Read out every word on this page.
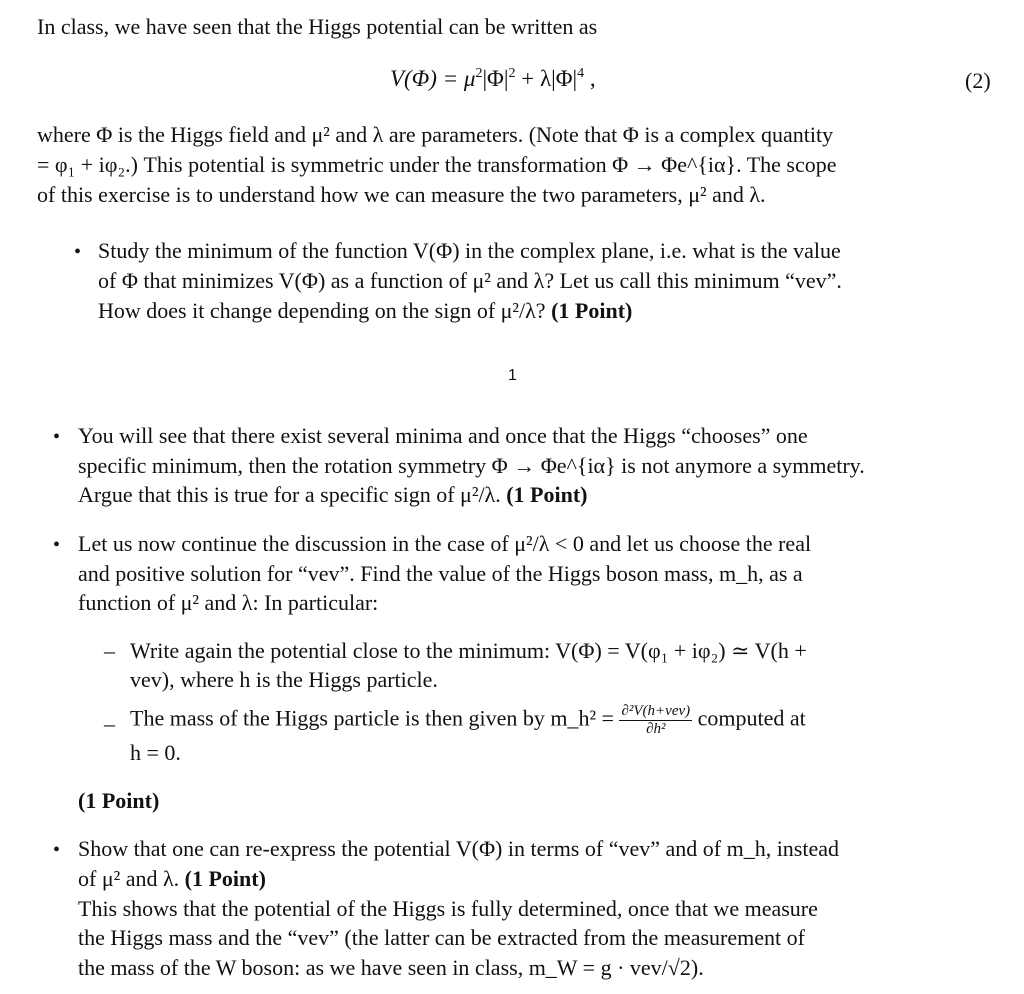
In class, we have seen that the Higgs potential can be written as
$V(\Phi) = \mu^2|\Phi|^2 + \lambda|\Phi|^4$ ,	(2)
where Φ is the Higgs field and μ² and λ are parameters. (Note that Φ is a complex quantity
= φ₁ + iφ₂.) This potential is symmetric under the transformation Φ → Φe^{iα}. The scope
of this exercise is to understand how we can measure the two parameters, μ² and λ.
• Study the minimum of the function V(Φ) in the complex plane, i.e. what is the value
of Φ that minimizes V(Φ) as a function of μ² and λ? Let us call this minimum “vev”.
How does it change depending on the sign of μ²/λ? (1 Point)
1
• You will see that there exist several minima and once that the Higgs “chooses” one
specific minimum, then the rotation symmetry Φ → Φe^{iα} is not anymore a symmetry.
Argue that this is true for a specific sign of μ²/λ. (1 Point)
• Let us now continue the discussion in the case of μ²/λ < 0 and let us choose the real
and positive solution for “vev”. Find the value of the Higgs boson mass, m_h, as a
function of μ² and λ: In particular:
– Write again the potential close to the minimum: V(Φ) = V(φ₁ + iφ₂) ≃ V(h +
vev), where h is the Higgs particle.
– The mass of the Higgs particle is then given by m_h² = $\frac{\text{∂²V(h+vev)}}{\text{∂h²}}$ computed at
h = 0.
(1 Point)
• Show that one can re-express the potential V(Φ) in terms of “vev” and of m_h, instead
of μ² and λ. (1 Point)
This shows that the potential of the Higgs is fully determined, once that we measure
the Higgs mass and the “vev” (the latter can be extracted from the measurement of
the mass of the W boson: as we have seen in class, m_W = g · vev/√2).
